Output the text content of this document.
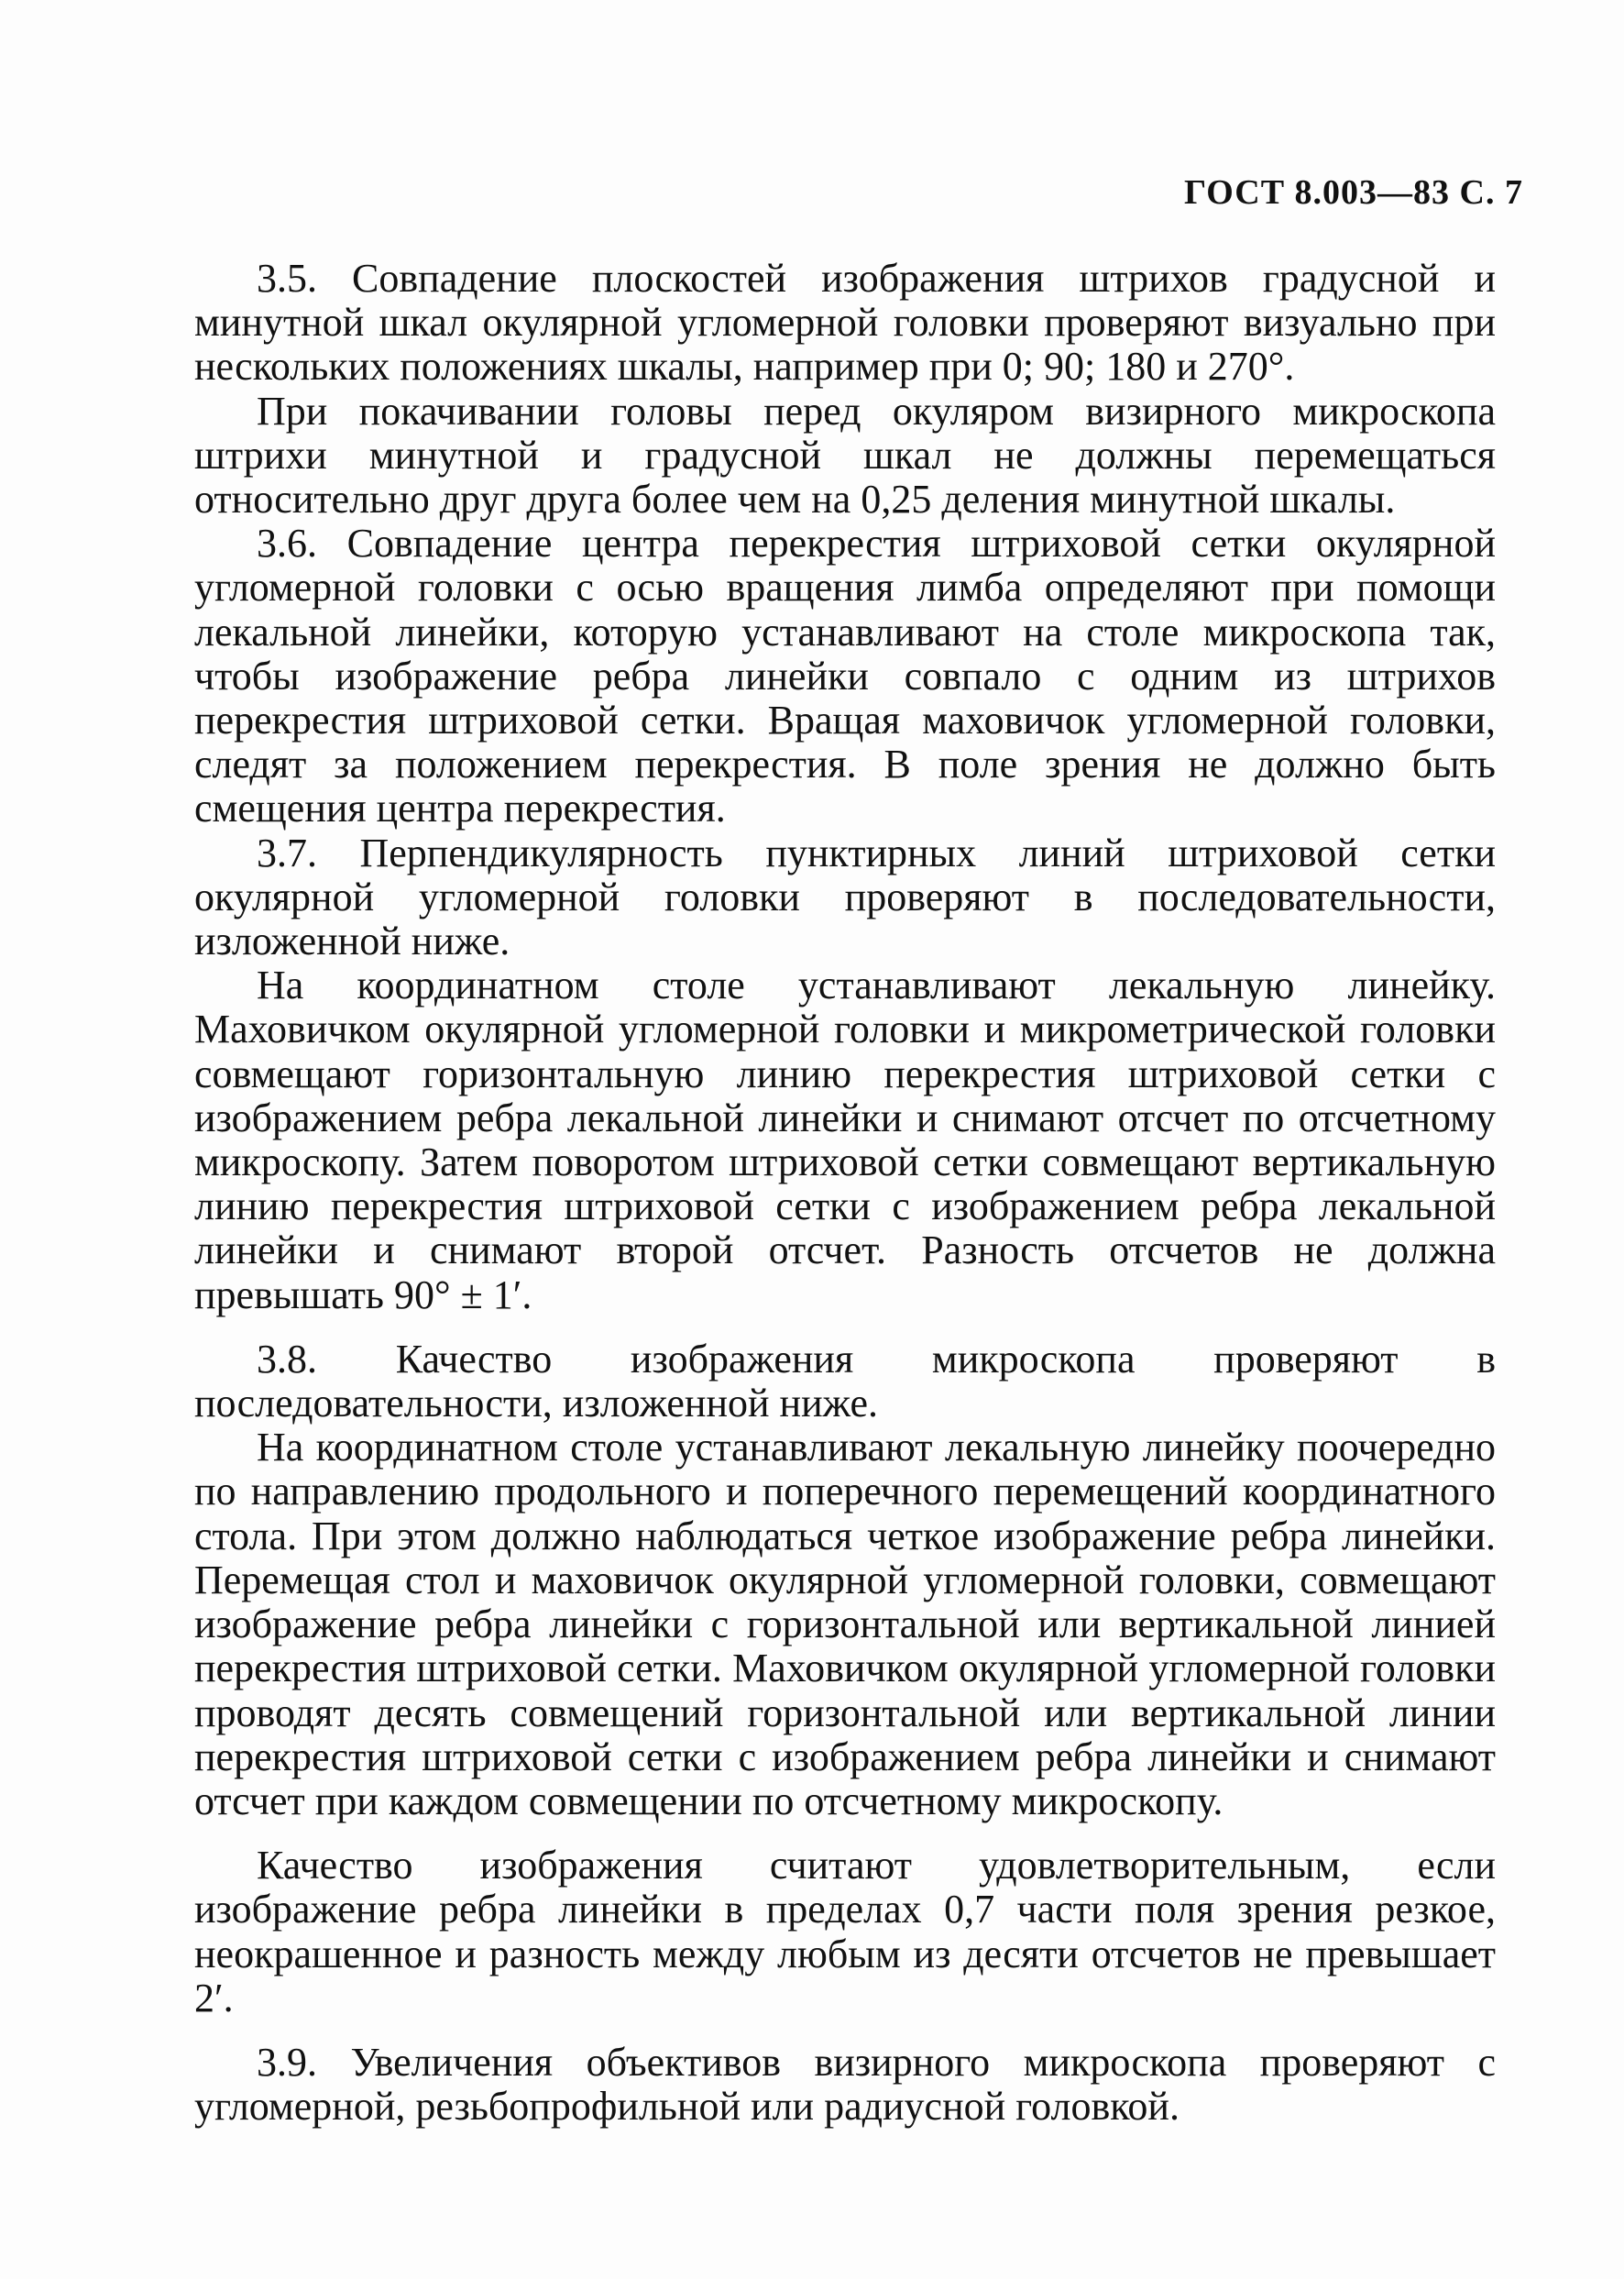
ГОСТ 8.003—83 С. 7

3.5. Совпадение плоскостей изображения штрихов градусной и минутной шкал окулярной угломерной головки проверяют визуально при нескольких положениях шкалы, например при 0; 90; 180 и 270°.

При покачивании головы перед окуляром визирного микроскопа штрихи минутной и градусной шкал не должны перемещаться относительно друг друга более чем на 0,25 деления минутной шкалы.

3.6. Совпадение центра перекрестия штриховой сетки окулярной угломерной головки с осью вращения лимба определяют при помощи лекальной линейки, которую устанавливают на столе микроскопа так, чтобы изображение ребра линейки совпало с одним из штрихов перекрестия штриховой сетки. Вращая маховичок угломерной головки, следят за положением перекрестия. В поле зрения не должно быть смещения центра перекрестия.

3.7. Перпендикулярность пунктирных линий штриховой сетки окулярной угломерной головки проверяют в последовательности, изложенной ниже.

На координатном столе устанавливают лекальную линейку. Маховичком окулярной угломерной головки и микрометрической головки совмещают горизонтальную линию перекрестия штриховой сетки с изображением ребра лекальной линейки и снимают отсчет по отсчетному микроскопу. Затем поворотом штриховой сетки совмещают вертикальную линию перекрестия штриховой сетки с изображением ребра лекальной линейки и снимают второй отсчет. Разность отсчетов не должна превышать 90° ± 1′.

3.8. Качество изображения микроскопа проверяют в последовательности, изложенной ниже.

На координатном столе устанавливают лекальную линейку поочередно по направлению продольного и поперечного перемещений координатного стола. При этом должно наблюдаться четкое изображение ребра линейки. Перемещая стол и маховичок окулярной угломерной головки, совмещают изображение ребра линейки с горизонтальной или вертикальной линией перекрестия штриховой сетки. Маховичком окулярной угломерной головки проводят десять совмещений горизонтальной или вертикальной линии перекрестия штриховой сетки с изображением ребра линейки и снимают отсчет при каждом совмещении по отсчетному микроскопу.

Качество изображения считают удовлетворительным, если изображение ребра линейки в пределах 0,7 части поля зрения резкое, неокрашенное и разность между любым из десяти отсчетов не превышает 2′.

3.9. Увеличения объективов визирного микроскопа проверяют с угломерной, резьбопрофильной или радиусной головкой.
